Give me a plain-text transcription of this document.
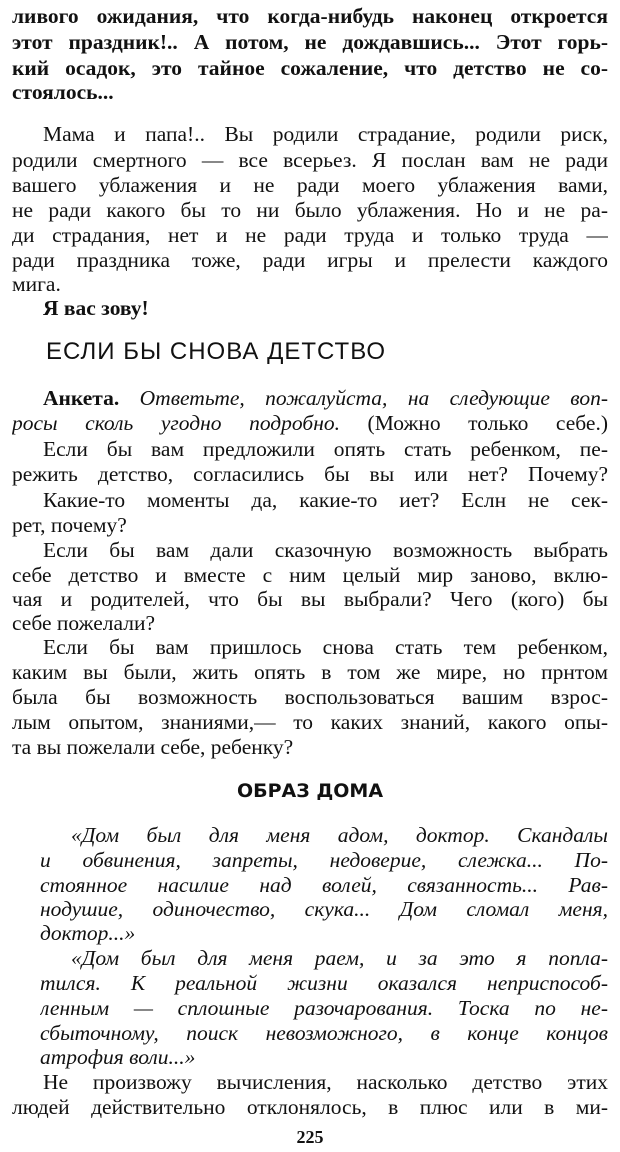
ливого ожидания, что когда-нибудь наконец откроется
этот праздник!.. А потом, не дождавшись... Этот горь-
кий осадок, это тайное сожаление, что детство не со-
стоялось...
Мама и папа!.. Вы родили страдание, родили риск,
родили смертного — все всерьез. Я послан вам не ради
вашего ублажения и не ради моего ублажения вами,
не ради какого бы то ни было ублажения. Но и не ра-
ди страдания, нет и не ради труда и только труда —
ради праздника тоже, ради игры и прелести каждого
мига.
Я вас зову!
ЕСЛИ БЫ СНОВА ДЕТСТВО
Анкета. Ответьте, пожалуйста, на следующие воп-
росы сколь угодно подробно. (Можно только себе.)
Если бы вам предложили опять стать ребенком, пе-
режить детство, согласились бы вы или нет? Почему?
Какие-то моменты да, какие-то иет? Еслн не сек-
рет, почему?
Если бы вам дали сказочную возможность выбрать
себе детство и вместе с ним целый мир заново, вклю-
чая и родителей, что бы вы выбрали? Чего (кого) бы
себе пожелали?
Если бы вам пришлось снова стать тем ребенком,
каким вы были, жить опять в том же мире, но прнтом
была бы возможность воспользоваться вашим взрос-
лым опытом, знаниями,— то каких знаний, какого опы-
та вы пожелали себе, ребенку?
ОБРАЗ ДОМА
«Дом был для меня адом, доктор. Скандалы
и обвинения, запреты, недоверие, слежка... По-
стоянное насилие над волей, связанность... Рав-
нодушие, одиночество, скука... Дом сломал меня,
доктор...»
«Дом был для меня раем, и за это я попла-
тился. К реальной жизни оказался неприспособ-
ленным — сплошные разочарования. Тоска по не-
сбыточному, поиск невозможного, в конце концов
атрофия воли...»
Не произвожу вычисления, насколько детство этих
людей действительно отклонялось, в плюс или в ми-
225
